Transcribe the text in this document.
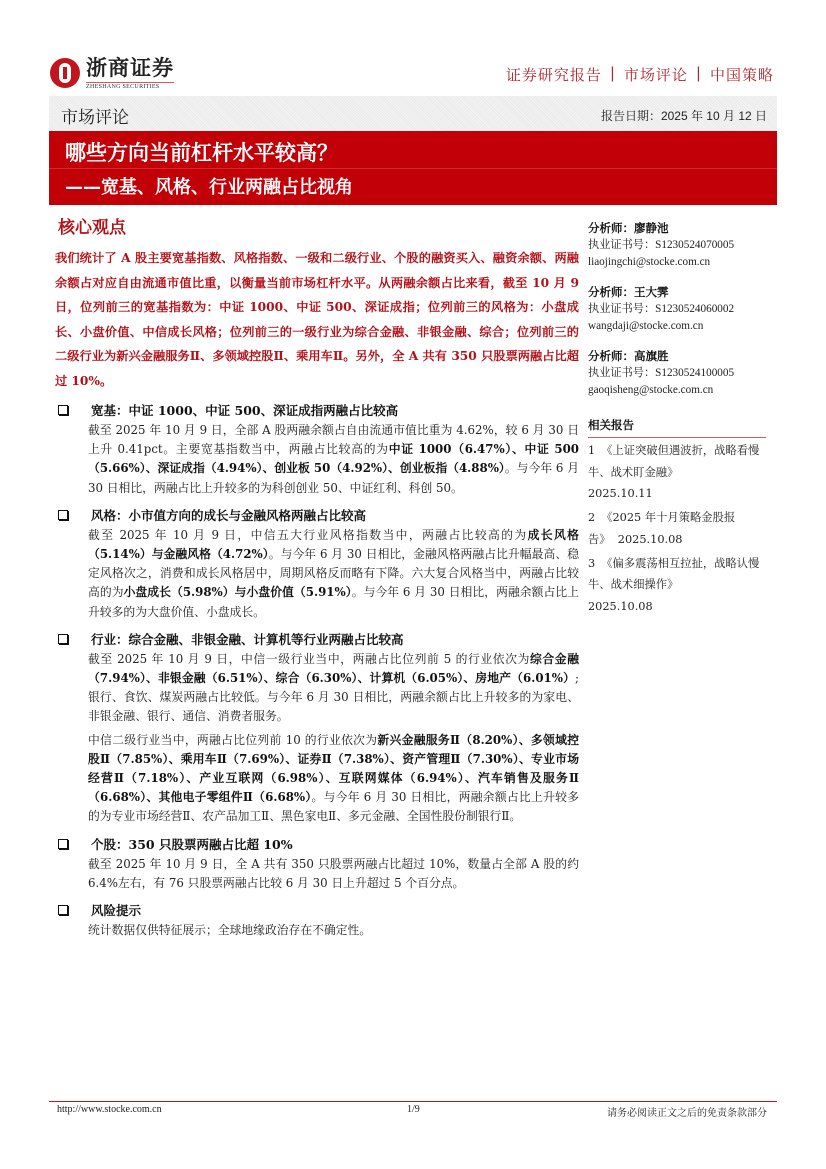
浙商证券
ZHESHANG SECURITIES
证券研究报告 | 市场评论 | 中国策略
市场评论	报告日期：2025 年 10 月 12 日
哪些方向当前杠杆水平较高？
——宽基、风格、行业两融占比视角
核心观点
我们统计了 A 股主要宽基指数、风格指数、一级和二级行业、个股的融资买入、融资余额、两融余额占对应自由流通市值比重，以衡量当前市场杠杆水平。从两融余额占比来看，截至 10 月 9 日，位列前三的宽基指数为：中证 1000、中证 500、深证成指；位列前三的风格为：小盘成长、小盘价值、中信成长风格；位列前三的一级行业为综合金融、非银金融、综合；位列前三的二级行业为新兴金融服务Ⅱ、多领域控股Ⅱ、乘用车Ⅱ。另外，全 A 共有 350 只股票两融占比超过 10%。
宽基：中证 1000、中证 500、深证成指两融占比较高
截至 2025 年 10 月 9 日，全部 A 股两融余额占自由流通市值比重为 4.62%，较 6 月 30 日上升 0.41pct。主要宽基指数当中，两融占比较高的为中证 1000（6.47%）、中证 500（5.66%）、深证成指（4.94%）、创业板 50（4.92%）、创业板指（4.88%）。与今年 6 月 30 日相比，两融占比上升较多的为科创创业 50、中证红利、科创 50。
风格：小市值方向的成长与金融风格两融占比较高
截至 2025 年 10 月 9 日，中信五大行业风格指数当中，两融占比较高的为成长风格（5.14%）与金融风格（4.72%）。与今年 6 月 30 日相比，金融风格两融占比升幅最高、稳定风格次之，消费和成长风格居中，周期风格反而略有下降。六大复合风格当中，两融占比较高的为小盘成长（5.98%）与小盘价值（5.91%）。与今年 6 月 30 日相比，两融余额占比上升较多的为大盘价值、小盘成长。
行业：综合金融、非银金融、计算机等行业两融占比较高
截至 2025 年 10 月 9 日，中信一级行业当中，两融占比位列前 5 的行业依次为综合金融（7.94%）、非银金融（6.51%）、综合（6.30%）、计算机（6.05%）、房地产（6.01%）;银行、食饮、煤炭两融占比较低。与今年 6 月 30 日相比，两融余额占比上升较多的为家电、非银金融、银行、通信、消费者服务。
中信二级行业当中，两融占比位列前 10 的行业依次为新兴金融服务Ⅱ（8.20%）、多领域控股Ⅱ（7.85%）、乘用车Ⅱ（7.69%）、证券Ⅱ（7.38%）、资产管理Ⅱ（7.30%）、专业市场经营Ⅱ（7.18%）、产业互联网（6.98%）、互联网媒体（6.94%）、汽车销售及服务Ⅱ（6.68%）、其他电子零组件Ⅱ（6.68%）。与今年 6 月 30 日相比，两融余额占比上升较多的为专业市场经营Ⅱ、农产品加工Ⅱ、黑色家电Ⅱ、多元金融、全国性股份制银行Ⅱ。
个股：350 只股票两融占比超 10%
截至 2025 年 10 月 9 日，全 A 共有 350 只股票两融占比超过 10%，数量占全部 A 股的约 6.4%左右，有 76 只股票两融占比较 6 月 30 日上升超过 5 个百分点。
风险提示
统计数据仅供特征展示；全球地缘政治存在不确定性。
分析师：廖静池
执业证书号：S1230524070005
liaojingchi@stocke.com.cn
分析师：王大霁
执业证书号：S1230524060002
wangdaji@stocke.com.cn
分析师：高旗胜
执业证书号：S1230524100005
gaoqisheng@stocke.com.cn
相关报告
1 《上证突破但遇波折，战略看慢牛、战术盯金融》
2025.10.11
2 《2025 年十月策略金股报告》 2025.10.08
3 《偏多震荡相互拉扯，战略认慢牛、战术细操作》
2025.10.08
http://www.stocke.com.cn	1/9	请务必阅读正文之后的免责条款部分
